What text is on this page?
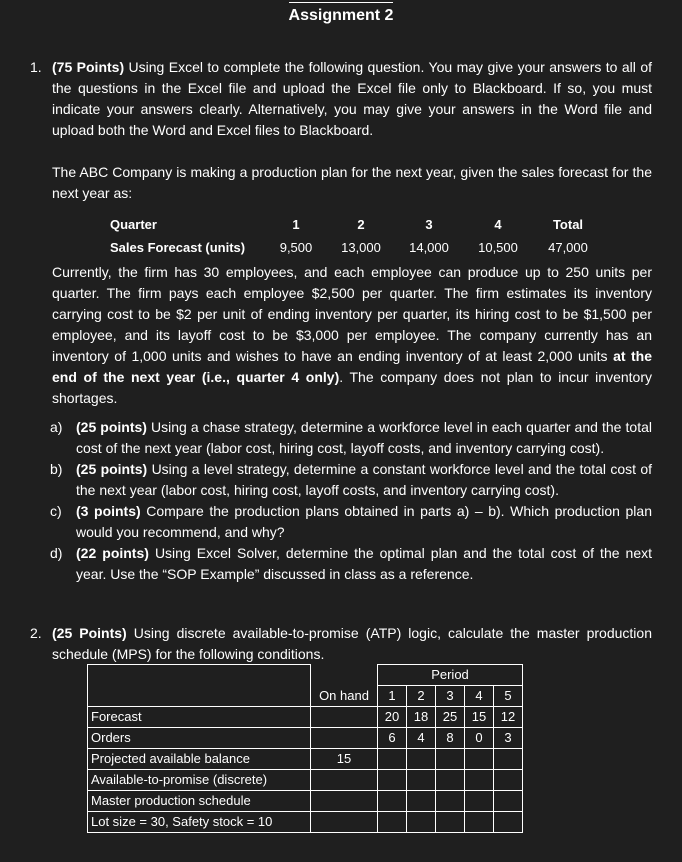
Assignment 2
1. (75 Points) Using Excel to complete the following question. You may give your answers to all of the questions in the Excel file and upload the Excel file only to Blackboard. If so, you must indicate your answers clearly. Alternatively, you may give your answers in the Word file and upload both the Word and Excel files to Blackboard.
The ABC Company is making a production plan for the next year, given the sales forecast for the next year as:
Currently, the firm has 30 employees, and each employee can produce up to 250 units per quarter. The firm pays each employee $2,500 per quarter. The firm estimates its inventory carrying cost to be $2 per unit of ending inventory per quarter, its hiring cost to be $1,500 per employee, and its layoff cost to be $3,000 per employee. The company currently has an inventory of 1,000 units and wishes to have an ending inventory of at least 2,000 units at the end of the next year (i.e., quarter 4 only). The company does not plan to incur inventory shortages.
Quarter	1	2	3	4	Total
Sales Forecast (units)	9,500	13,000	14,000	10,500	47,000
a) (25 points) Using a chase strategy, determine a workforce level in each quarter and the total cost of the next year (labor cost, hiring cost, layoff costs, and inventory carrying cost).
b) (25 points) Using a level strategy, determine a constant workforce level and the total cost of the next year (labor cost, hiring cost, layoff costs, and inventory carrying cost).
c) (3 points) Compare the production plans obtained in parts a) – b). Which production plan would you recommend, and why?
d) (22 points) Using Excel Solver, determine the optimal plan and the total cost of the next year. Use the “SOP Example” discussed in class as a reference.
2. (25 Points) Using discrete available-to-promise (ATP) logic, calculate the master production schedule (MPS) for the following conditions.
		Period				
	On hand	1	2	3	4	5
Forecast		20	18	25	15	12
Orders		6	4	8	0	3
Projected available balance	15					
Available-to-promise (discrete)						
Master production schedule						
Lot size = 30, Safety stock = 10						
